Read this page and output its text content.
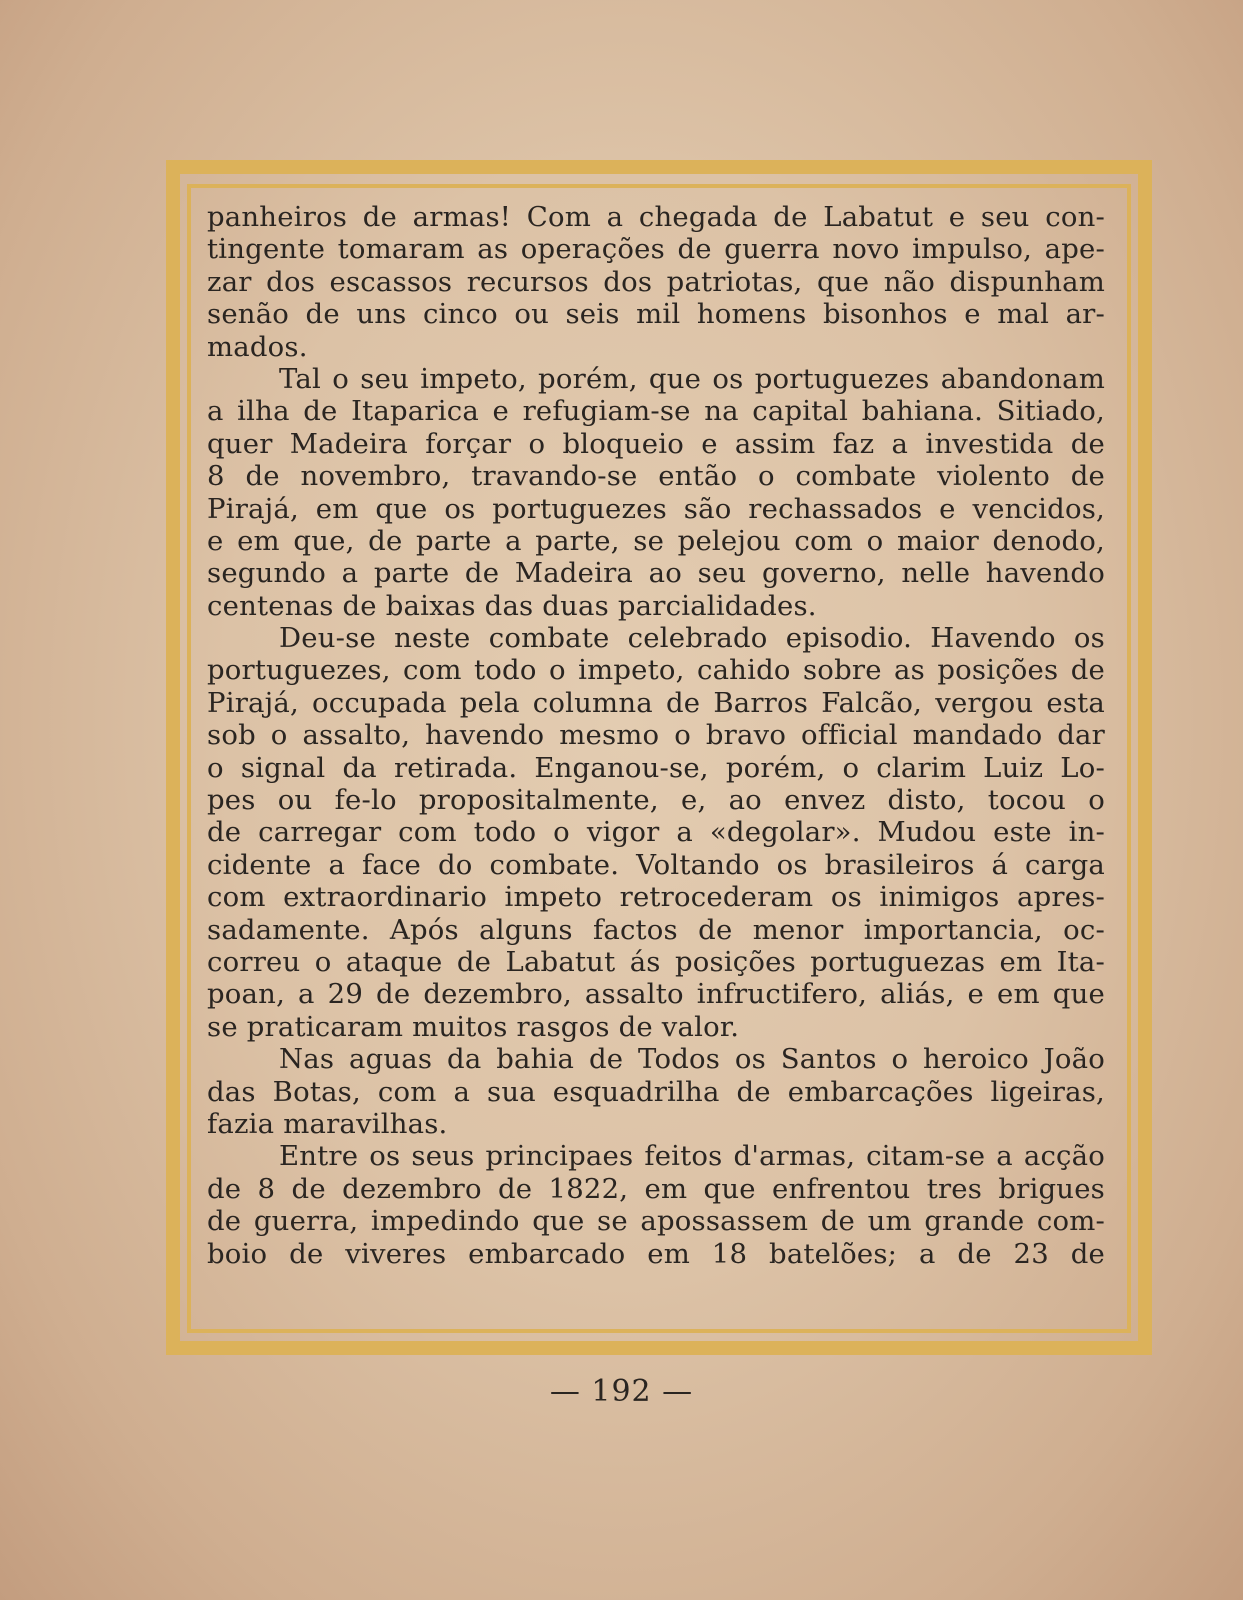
panheiros de armas! Com a chegada de Labatut e seu con-
tingente tomaram as operações de guerra novo impulso, ape-
zar dos escassos recursos dos patriotas, que não dispunham
senão de uns cinco ou seis mil homens bisonhos e mal ar-
mados.
Tal o seu impeto, porém, que os portuguezes abandonam
a ilha de Itaparica e refugiam-se na capital bahiana. Sitiado,
quer Madeira forçar o bloqueio e assim faz a investida de
8 de novembro, travando-se então o combate violento de
Pirajá, em que os portuguezes são rechassados e vencidos,
e em que, de parte a parte, se pelejou com o maior denodo,
segundo a parte de Madeira ao seu governo, nelle havendo
centenas de baixas das duas parcialidades.
Deu-se neste combate celebrado episodio. Havendo os
portuguezes, com todo o impeto, cahido sobre as posições de
Pirajá, occupada pela columna de Barros Falcão, vergou esta
sob o assalto, havendo mesmo o bravo official mandado dar
o signal da retirada. Enganou-se, porém, o clarim Luiz Lo-
pes ou fe-lo propositalmente, e, ao envez disto, tocou o
de carregar com todo o vigor a «degolar». Mudou este in-
cidente a face do combate. Voltando os brasileiros á carga
com extraordinario impeto retrocederam os inimigos apres-
sadamente. Após alguns factos de menor importancia, oc-
correu o ataque de Labatut ás posições portuguezas em Ita-
poan, a 29 de dezembro, assalto infructifero, aliás, e em que
se praticaram muitos rasgos de valor.
Nas aguas da bahia de Todos os Santos o heroico João
das Botas, com a sua esquadrilha de embarcações ligeiras,
fazia maravilhas.
Entre os seus principaes feitos d'armas, citam-se a acção
de 8 de dezembro de 1822, em que enfrentou tres brigues
de guerra, impedindo que se apossassem de um grande com-
boio de viveres embarcado em 18 batelões; a de 23 de
— 192 —
